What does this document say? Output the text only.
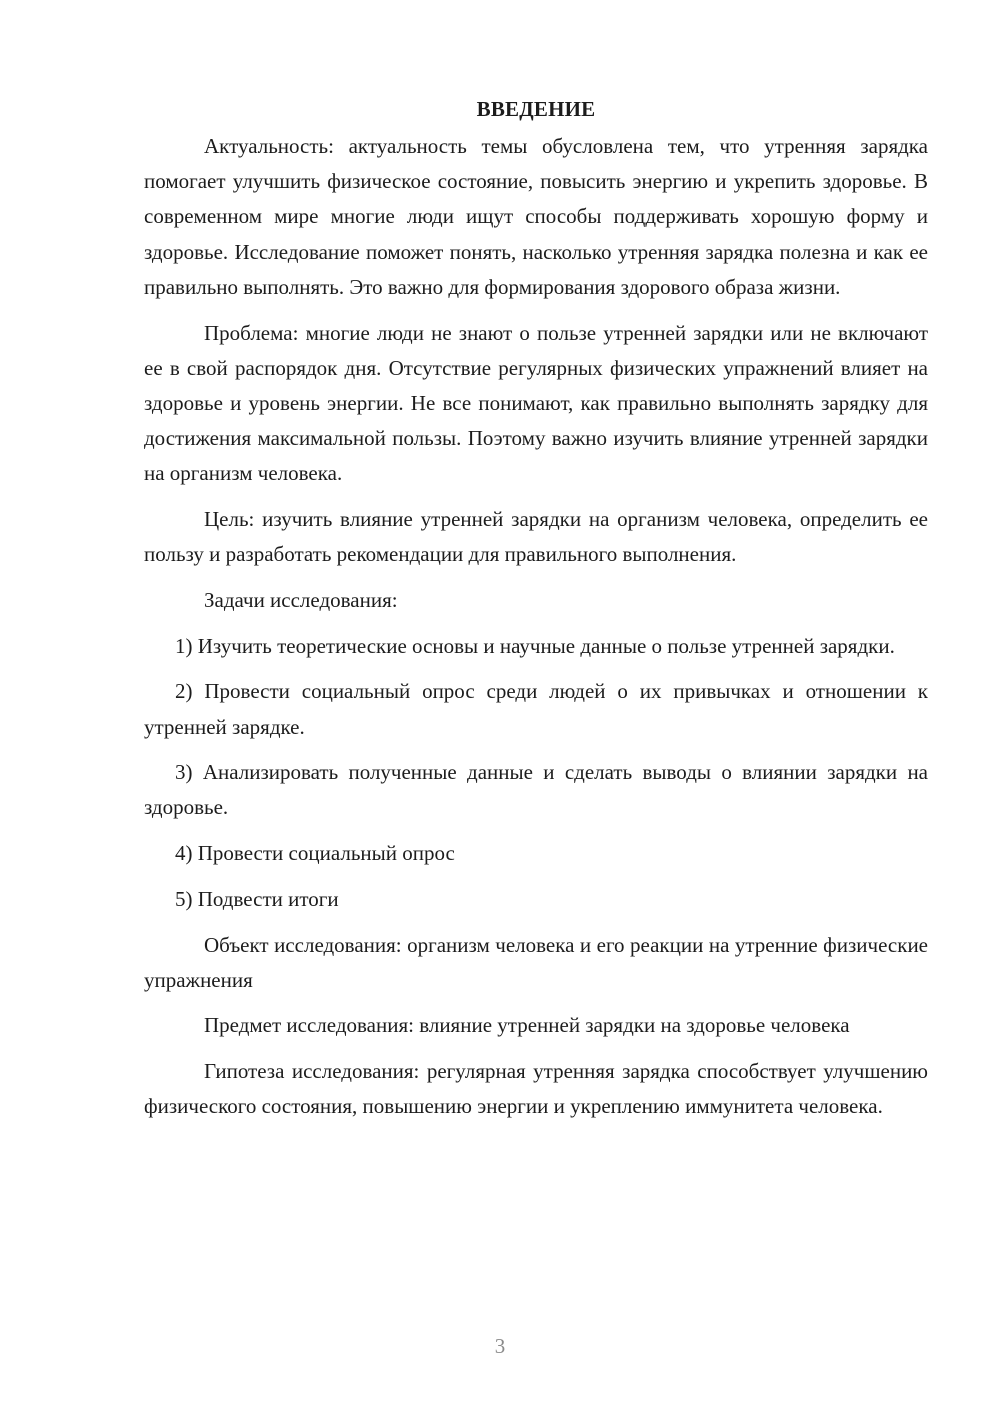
ВВЕДЕНИЕ

Актуальность: актуальность темы обусловлена тем, что утренняя зарядка помогает улучшить физическое состояние, повысить энергию и укрепить здоровье. В современном мире многие люди ищут способы поддерживать хорошую форму и здоровье. Исследование поможет понять, насколько утренняя зарядка полезна и как ее правильно выполнять. Это важно для формирования здорового образа жизни.

Проблема: многие люди не знают о пользе утренней зарядки или не включают ее в свой распорядок дня. Отсутствие регулярных физических упражнений влияет на здоровье и уровень энергии. Не все понимают, как правильно выполнять зарядку для достижения максимальной пользы. Поэтому важно изучить влияние утренней зарядки на организм человека.

Цель: изучить влияние утренней зарядки на организм человека, определить ее пользу и разработать рекомендации для правильного выполнения.

Задачи исследования:

1) Изучить теоретические основы и научные данные о пользе утренней зарядки.

2) Провести социальный опрос среди людей о их привычках и отношении к утренней зарядке.

3) Анализировать полученные данные и сделать выводы о влиянии зарядки на здоровье.

4) Провести социальный опрос

5) Подвести итоги

Объект исследования: организм человека и его реакции на утренние физические упражнения

Предмет исследования: влияние утренней зарядки на здоровье человека

Гипотеза исследования: регулярная утренняя зарядка способствует улучшению физического состояния, повышению энергии и укреплению иммунитета человека.

3
